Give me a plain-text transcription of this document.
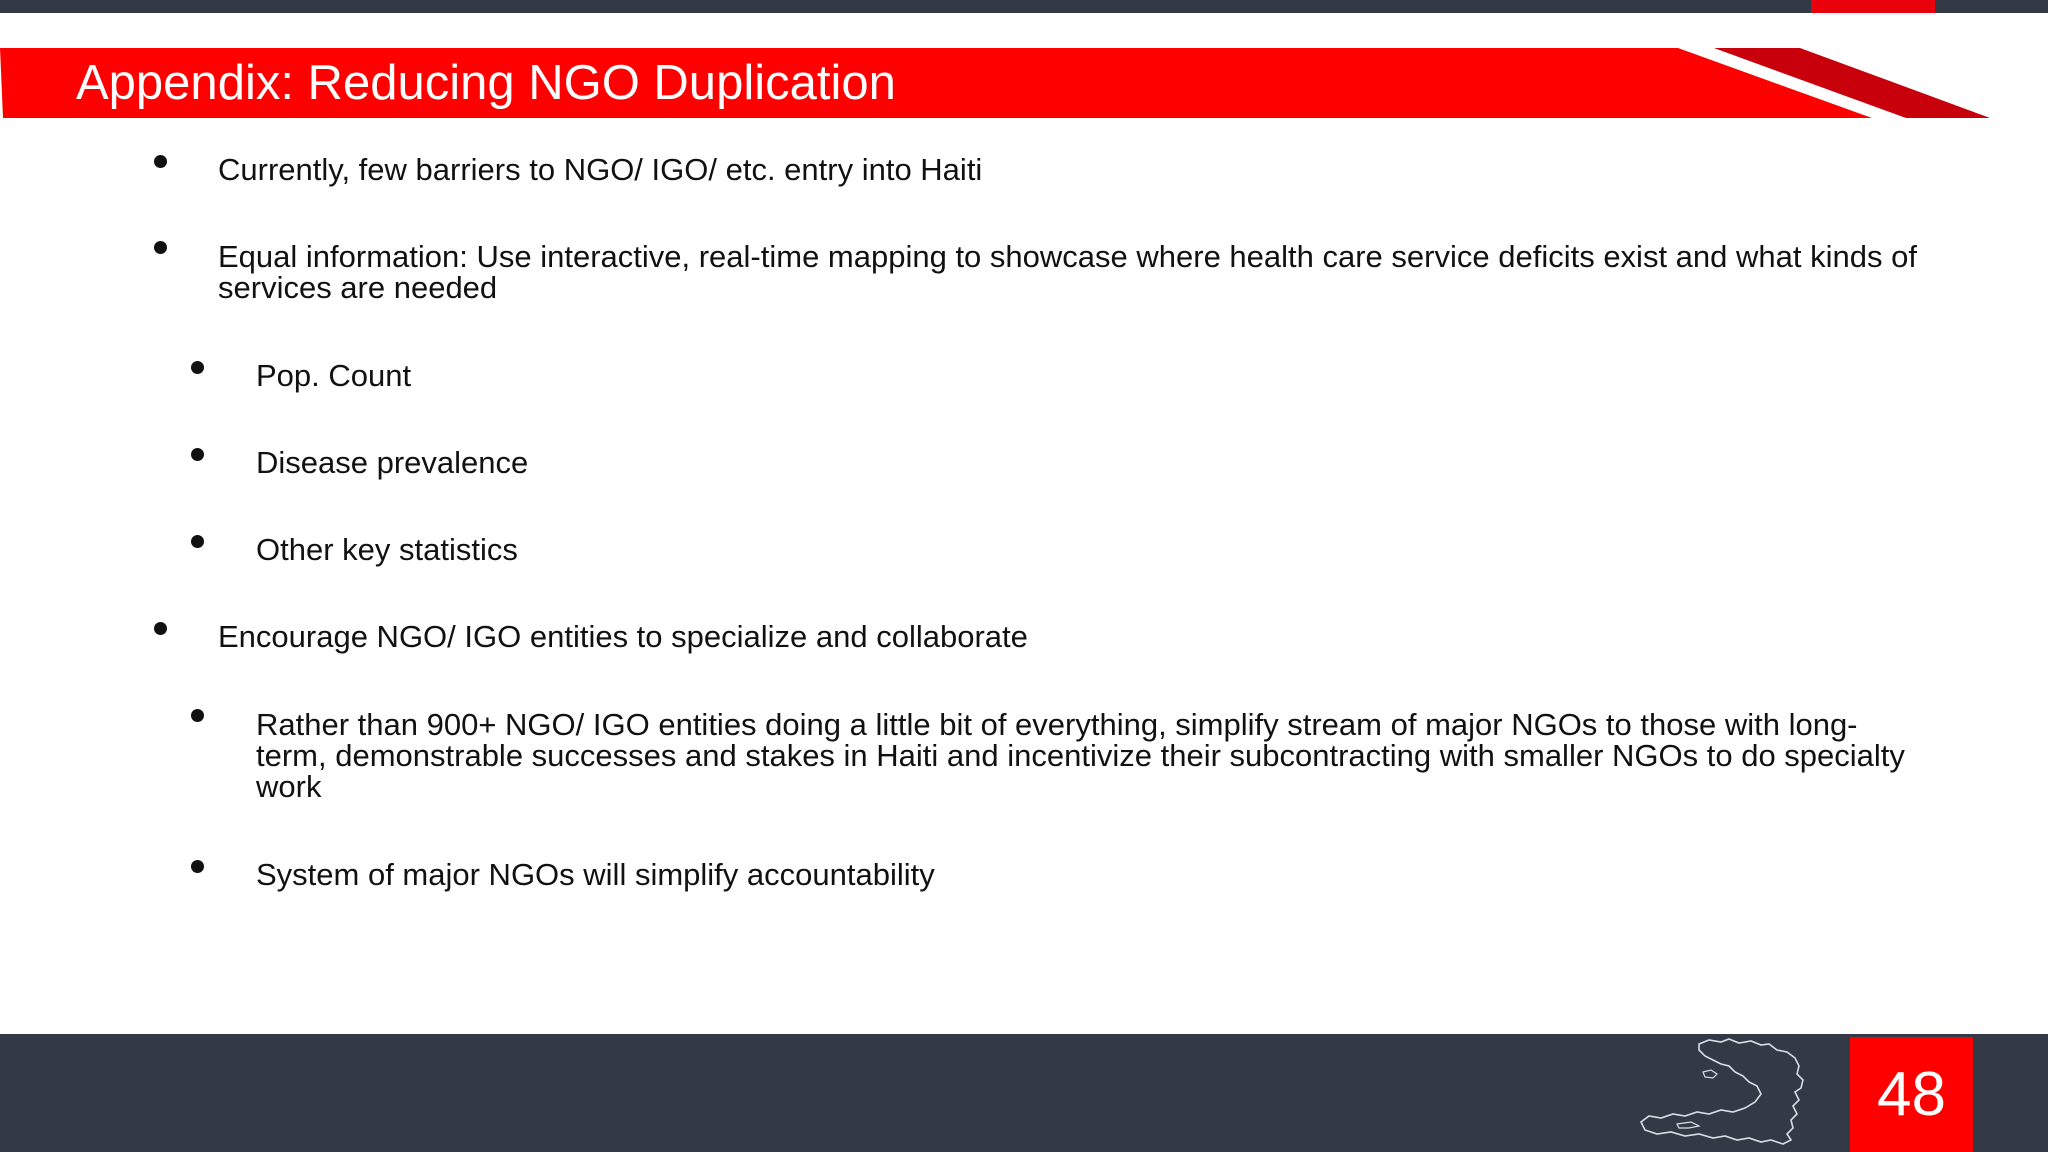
Appendix: Reducing NGO Duplication
Currently, few barriers to NGO/ IGO/ etc. entry into Haiti
Equal information: Use interactive, real-time mapping to showcase where health care service deficits exist and what kinds of services are needed
Pop. Count
Disease prevalence
Other key statistics
Encourage NGO/ IGO entities to specialize and collaborate
Rather than 900+ NGO/ IGO entities doing a little bit of everything, simplify stream of major NGOs to those with long-term, demonstrable successes and stakes in Haiti and incentivize their subcontracting with smaller NGOs to do specialty work
System of major NGOs will simplify accountability
48
